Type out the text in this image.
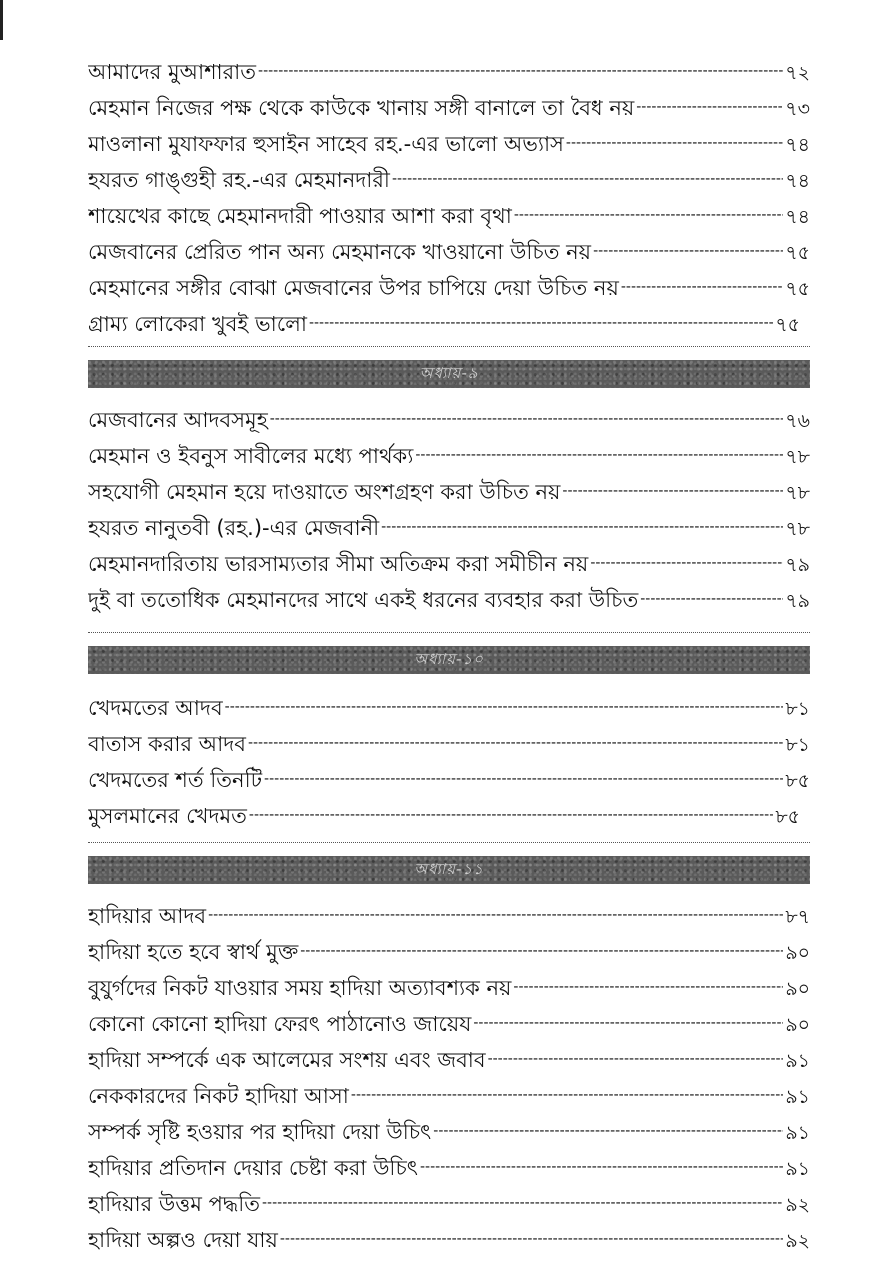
আমাদের মুআশারাত -----	৭২
মেহমান নিজের পক্ষ থেকে কাউকে খানায় সঙ্গী বানালে তা বৈধ নয় -----	৭৩
মাওলানা মুযাফফার হুসাইন সাহেব রহ.-এর ভালো অভ্যাস -----	৭৪
হযরত গাঙ্গুহী রহ.-এর মেহমানদারী -----	৭৪
শায়েখের কাছে মেহমানদারী পাওয়ার আশা করা বৃথা -----	৭৪
মেজবানের প্রেরিত পান অন্য মেহমানকে খাওয়ানো উচিত নয় -----	৭৫
মেহমানের সঙ্গীর বোঝা মেজবানের উপর চাপিয়ে দেয়া উচিত নয় -----	৭৫
গ্রাম্য লোকেরা খুবই ভালো -----	৭৫
অধ্যায়-৯
মেজবানের আদবসমূহ -----	৭৬
মেহমান ও ইবনুস সাবীলের মধ্যে পার্থক্য -----	৭৮
সহযোগী মেহমান হয়ে দাওয়াতে অংশগ্রহণ করা উচিত নয় -----	৭৮
হযরত নানুতবী (রহ.)-এর মেজবানী -----	৭৮
মেহমানদারিতায় ভারসাম্যতার সীমা অতিক্রম করা সমীচীন নয় -----	৭৯
দুই বা ততোধিক মেহমানদের সাথে একই ধরনের ব্যবহার করা উচিত -----	৭৯
অধ্যায়-১০
খেদমতের আদব -----	৮১
বাতাস করার আদব -----	৮১
খেদমতের শর্ত তিনটি -----	৮৫
মুসলমানের খেদমত -----	৮৫
অধ্যায়-১১
হাদিয়ার আদব -----	৮৭
হাদিয়া হতে হবে স্বার্থ মুক্ত -----	৯০
বুযুর্গদের নিকট যাওয়ার সময় হাদিয়া অত্যাবশ্যক নয় -----	৯০
কোনো কোনো হাদিয়া ফেরৎ পাঠানোও জায়েয -----	৯০
হাদিয়া সম্পর্কে এক আলেমের সংশয় এবং জবাব -----	৯১
নেককারদের নিকট হাদিয়া আসা -----	৯১
সম্পর্ক সৃষ্টি হওয়ার পর হাদিয়া দেয়া উচিৎ -----	৯১
হাদিয়ার প্রতিদান দেয়ার চেষ্টা করা উচিৎ -----	৯১
হাদিয়ার উত্তম পদ্ধতি -----	৯২
হাদিয়া অল্পও দেয়া যায় -----	৯২
